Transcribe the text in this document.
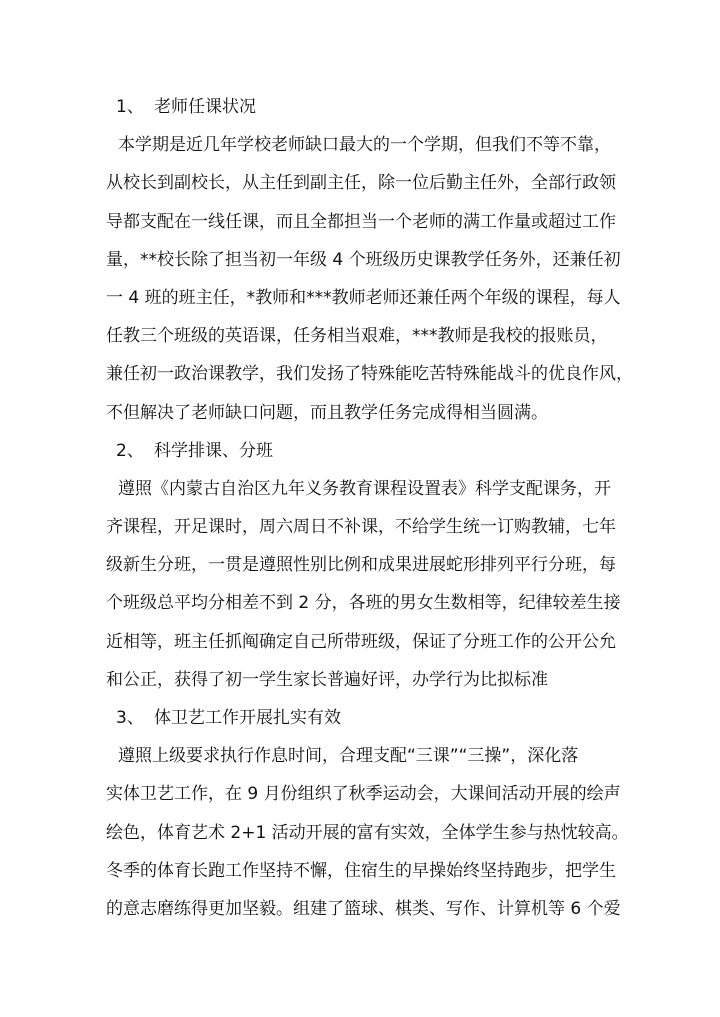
1、 老师任课状况
本学期是近几年学校老师缺口最大的一个学期，但我们不等不靠，
从校长到副校长，从主任到副主任，除一位后勤主任外，全部行政领
导都支配在一线任课，而且全都担当一个老师的满工作量或超过工作
量，**校长除了担当初一年级 4 个班级历史课教学任务外，还兼任初
一 4 班的班主任，*教师和***教师老师还兼任两个年级的课程，每人
任教三个班级的英语课，任务相当艰难，***教师是我校的报账员，
兼任初一政治课教学，我们发扬了特殊能吃苦特殊能战斗的优良作风，
不但解决了老师缺口问题，而且教学任务完成得相当圆满。
2、 科学排课、分班
遵照《内蒙古自治区九年义务教育课程设置表》科学支配课务，开
齐课程，开足课时，周六周日不补课，不给学生统一订购教辅，七年
级新生分班，一贯是遵照性别比例和成果进展蛇形排列平行分班，每
个班级总平均分相差不到 2 分，各班的男女生数相等，纪律较差生接
近相等，班主任抓阄确定自己所带班级，保证了分班工作的公开公允
和公正，获得了初一学生家长普遍好评，办学行为比拟标准
3、 体卫艺工作开展扎实有效
遵照上级要求执行作息时间，合理支配“三课”“三操”，深化落
实体卫艺工作，在 9 月份组织了秋季运动会，大课间活动开展的绘声
绘色，体育艺术 2+1 活动开展的富有实效，全体学生参与热忱较高。
冬季的体育长跑工作坚持不懈，住宿生的早操始终坚持跑步，把学生
的意志磨练得更加坚毅。组建了篮球、棋类、写作、计算机等 6 个爱
